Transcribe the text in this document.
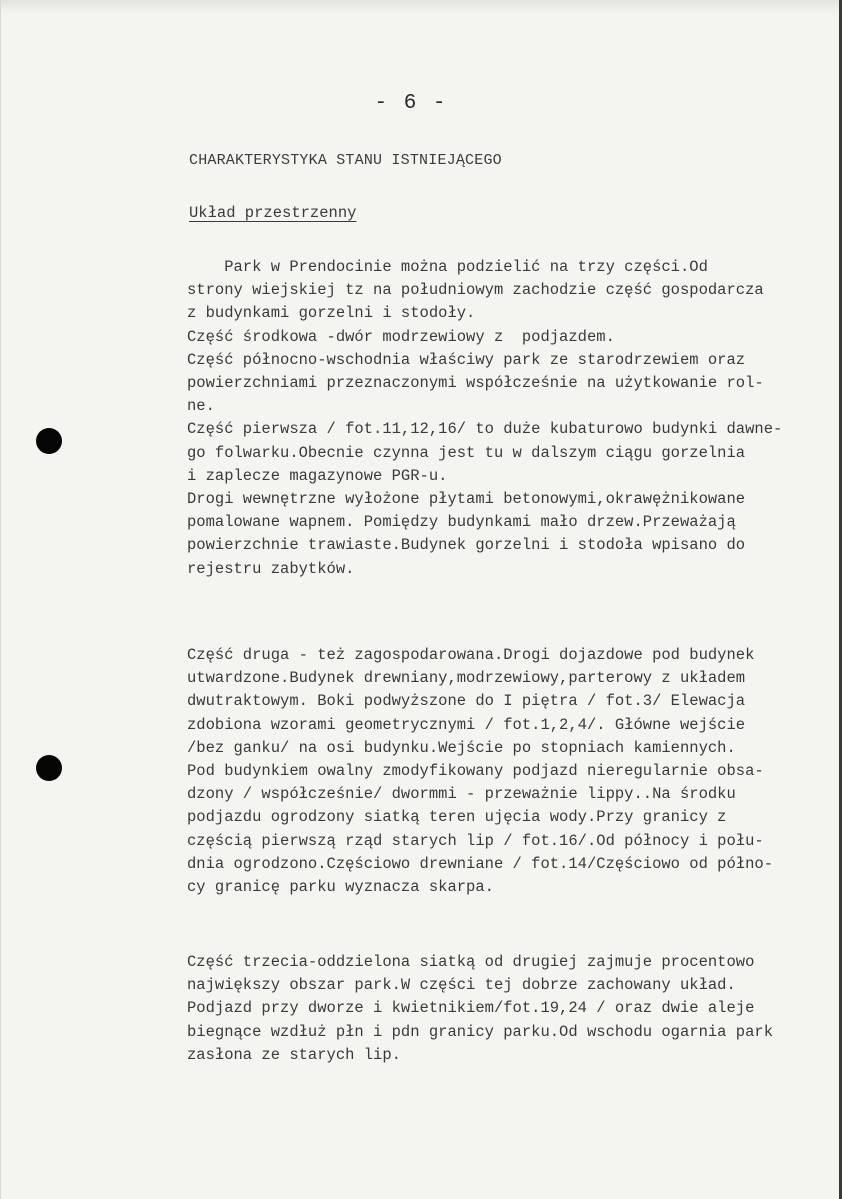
- 6 -
CHARAKTERYSTYKA STANU ISTNIEJĄCEGO
Układ przestrzenny
Park w Prendocinie można podzielić na trzy części.Od
strony wiejskiej tz na południowym zachodzie część gospodarcza
z budynkami gorzelni i stodoły.
Część środkowa -dwór modrzewiowy z  podjazdem.
Część północno-wschodnia właściwy park ze starodrzewiem oraz
powierzchniami przeznaczonymi współcześnie na użytkowanie rol-
ne.
Część pierwsza / fot.11,12,16/ to duże kubaturowo budynki dawne-
go folwarku.Obecnie czynna jest tu w dalszym ciągu gorzelnia
i zaplecze magazynowe PGR-u.
Drogi wewnętrzne wyłożone płytami betonowymi,okrawężnikowane
pomalowane wapnem. Pomiędzy budynkami mało drzew.Przeważają
powierzchnie trawiaste.Budynek gorzelni i stodoła wpisano do
rejestru zabytków.
Część druga - też zagospodarowana.Drogi dojazdowe pod budynek
utwardzone.Budynek drewniany,modrzewiowy,parterowy z układem
dwutraktowym. Boki podwyższone do I piętra / fot.3/ Elewacja
zdobiona wzorami geometrycznymi / fot.1,2,4/. Główne wejście
/bez ganku/ na osi budynku.Wejście po stopniach kamiennych.
Pod budynkiem owalny zmodyfikowany podjazd nieregularnie obsa-
dzony / współcześnie/ dwormmi - przeważnie lippy..Na środku
podjazdu ogrodzony siatką teren ujęcia wody.Przy granicy z
częścią pierwszą rząd starych lip / fot.16/.Od północy i połu-
dnia ogrodzono.Częściowo drewniane / fot.14/Częściowo od półno-
cy granicę parku wyznacza skarpa.
Część trzecia-oddzielona siatką od drugiej zajmuje procentowo
największy obszar park.W części tej dobrze zachowany układ.
Podjazd przy dworze i kwietnikiem/fot.19,24 / oraz dwie aleje
biegnące wzdłuż płn i pdn granicy parku.Od wschodu ogarnia park
zasłona ze starych lip.
